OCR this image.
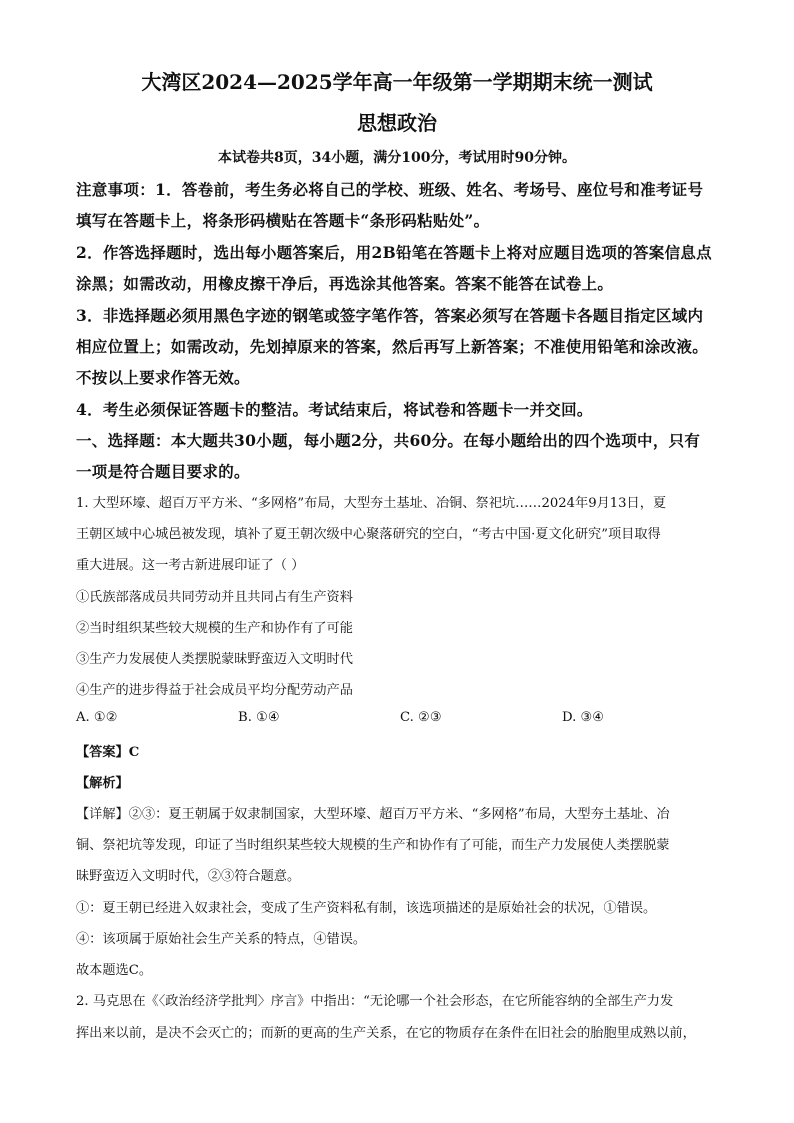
大湾区2024—2025学年高一年级第一学期期末统一测试
思想政治
本试卷共8页，34小题，满分100分，考试用时90分钟。
注意事项：1．答卷前，考生务必将自己的学校、班级、姓名、考场号、座位号和准考证号
填写在答题卡上，将条形码横贴在答题卡“条形码粘贴处”。
2．作答选择题时，选出每小题答案后，用2B铅笔在答题卡上将对应题目选项的答案信息点
涂黑；如需改动，用橡皮擦干净后，再选涂其他答案。答案不能答在试卷上。
3．非选择题必须用黑色字迹的钢笔或签字笔作答，答案必须写在答题卡各题目指定区域内
相应位置上；如需改动，先划掉原来的答案，然后再写上新答案；不准使用铅笔和涂改液。
不按以上要求作答无效。
4．考生必须保证答题卡的整洁。考试结束后，将试卷和答题卡一并交回。
一、选择题：本大题共30小题，每小题2分，共60分。在每小题给出的四个选项中，只有
一项是符合题目要求的。
1. 大型环壕、超百万平方米、“多网格”布局，大型夯土基址、冶铜、祭祀坑……2024年9月13日，夏
王朝区域中心城邑被发现，填补了夏王朝次级中心聚落研究的空白，“考古中国·夏文化研究”项目取得
重大进展。这一考古新进展印证了（ ）
①氏族部落成员共同劳动并且共同占有生产资料
②当时组织某些较大规模的生产和协作有了可能
③生产力发展使人类摆脱蒙昧野蛮迈入文明时代
④生产的进步得益于社会成员平均分配劳动产品
A. ①②	B. ①④	C. ②③	D. ③④
【答案】C
【解析】
【详解】②③：夏王朝属于奴隶制国家，大型环壕、超百万平方米、“多网格”布局，大型夯土基址、冶
铜、祭祀坑等发现，印证了当时组织某些较大规模的生产和协作有了可能，而生产力发展使人类摆脱蒙
昧野蛮迈入文明时代，②③符合题意。
①：夏王朝已经进入奴隶社会，变成了生产资料私有制，该选项描述的是原始社会的状况，①错误。
④：该项属于原始社会生产关系的特点，④错误。
故本题选C。
2. 马克思在《〈政治经济学批判〉序言》中指出：“无论哪一个社会形态，在它所能容纳的全部生产力发
挥出来以前，是决不会灭亡的；而新的更高的生产关系，在它的物质存在条件在旧社会的胎胞里成熟以前，
